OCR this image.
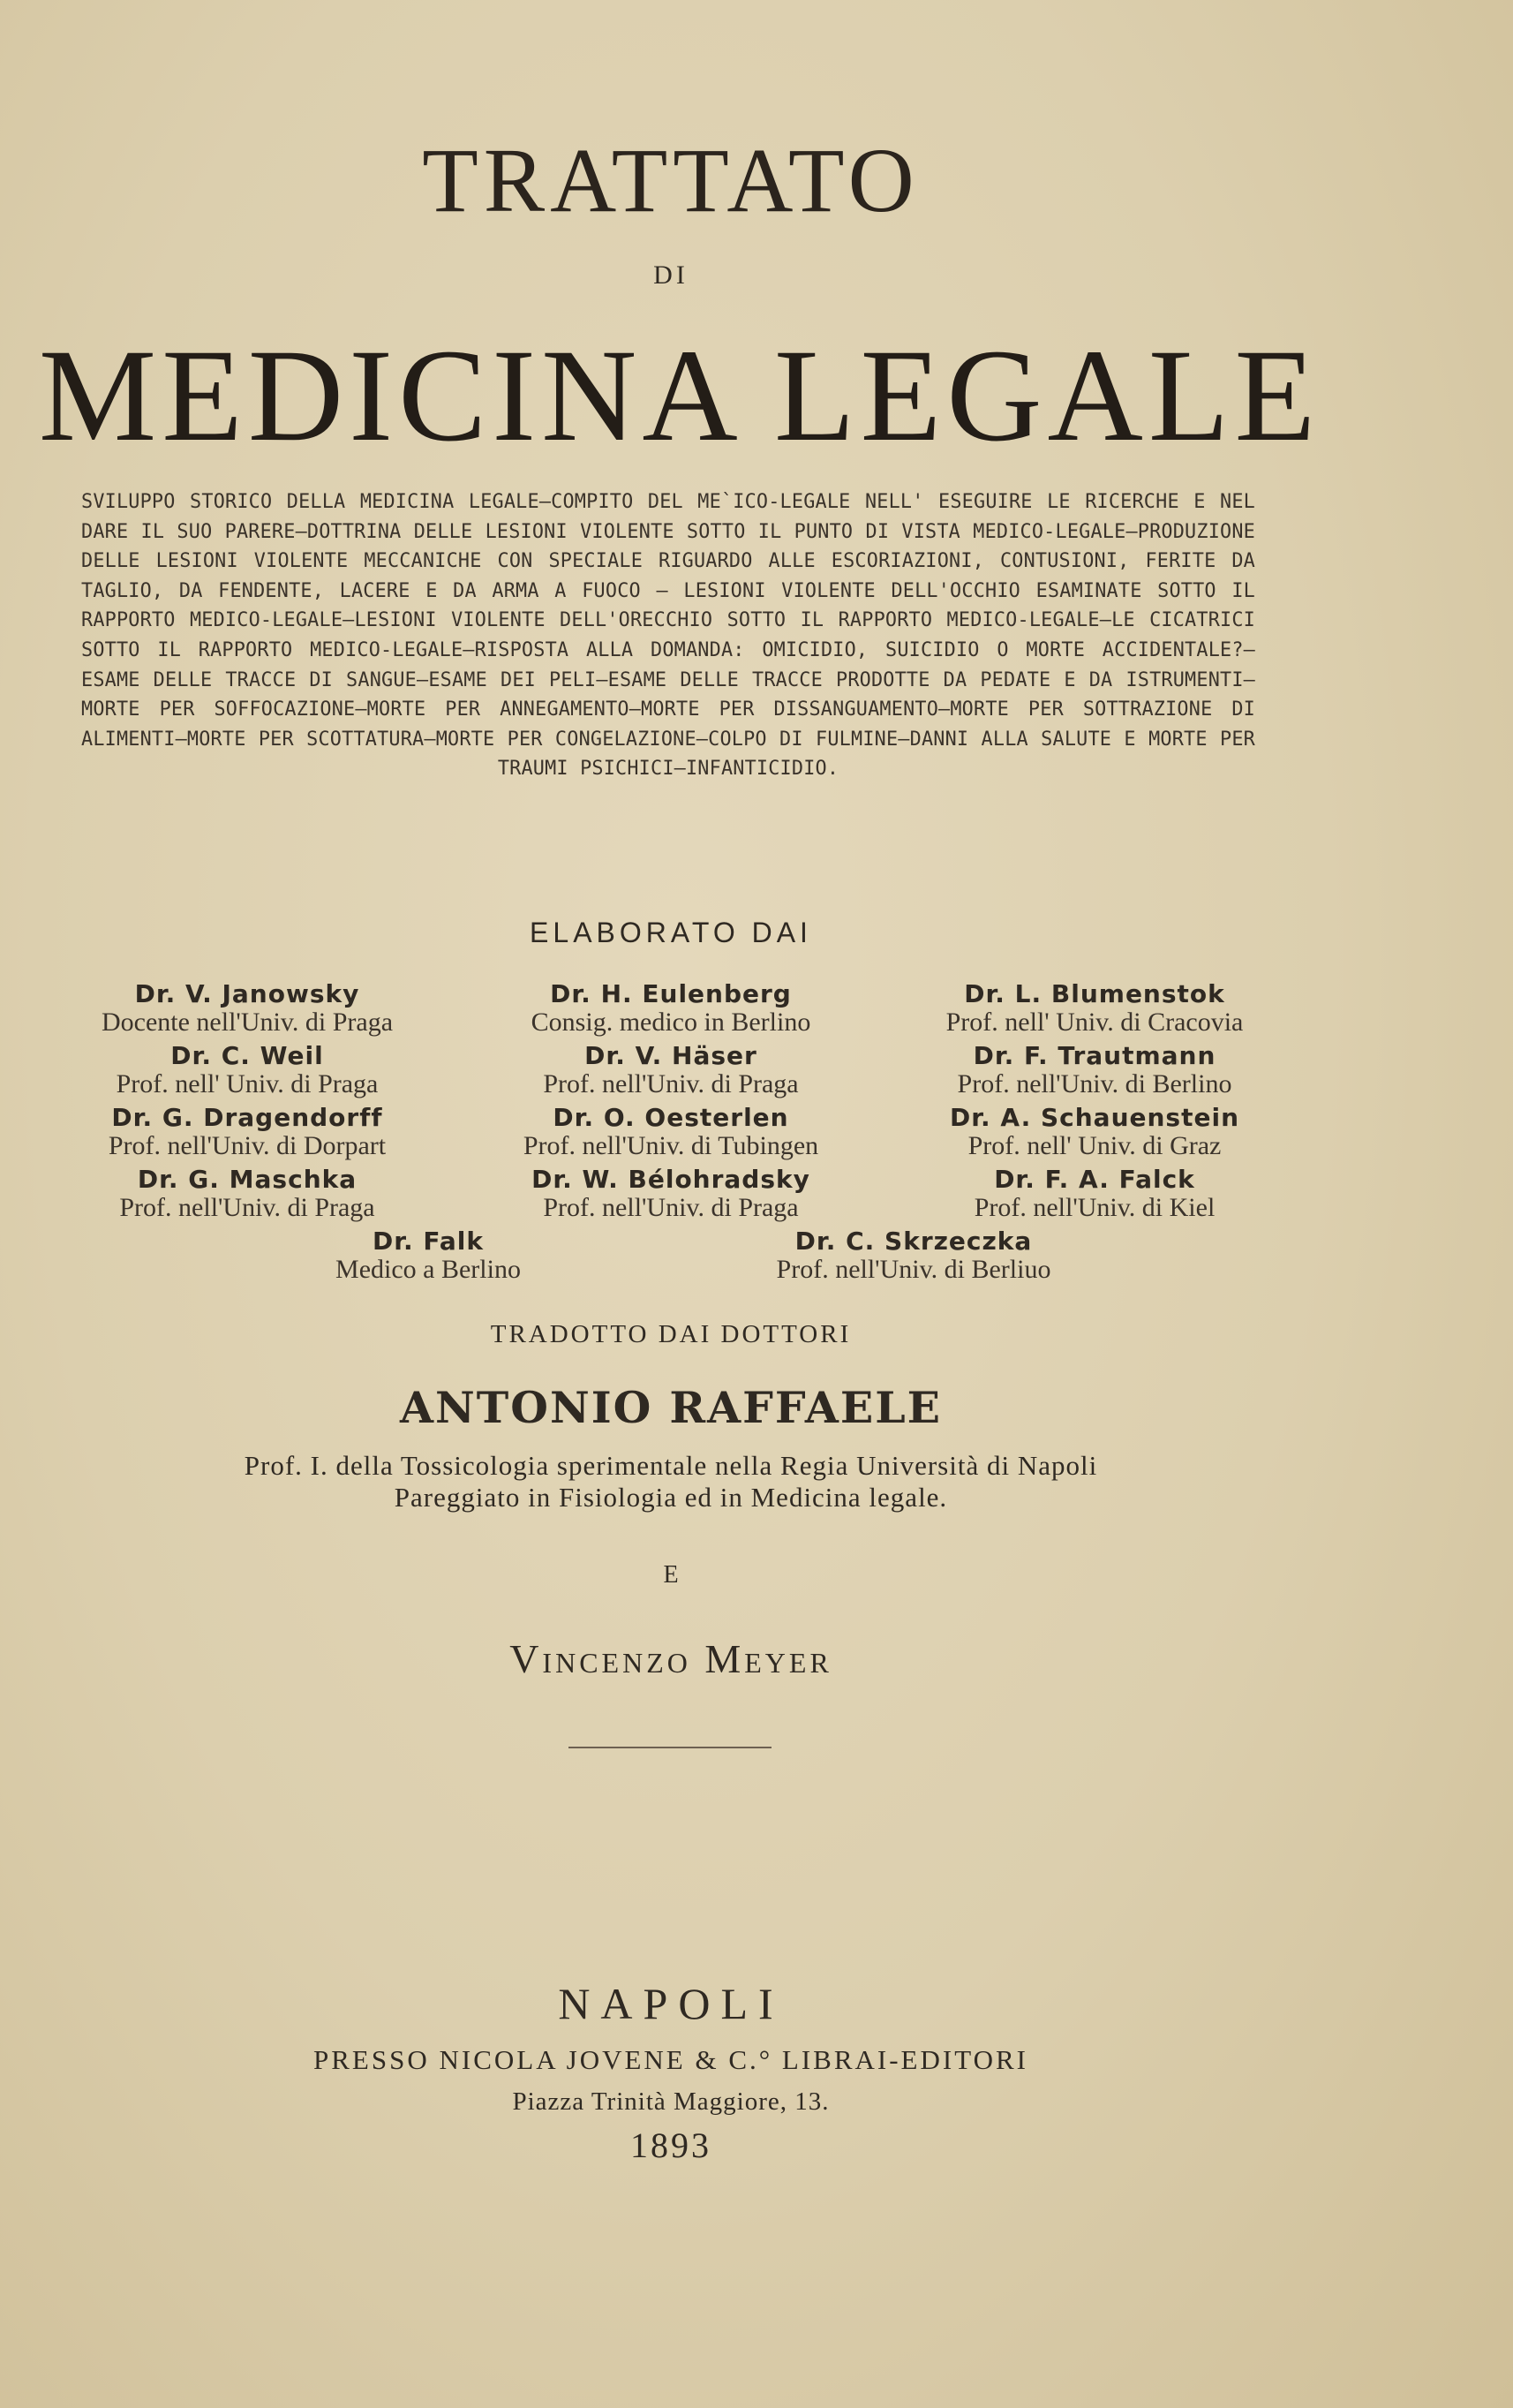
TRATTATO
DI
MEDICINA LEGALE
SVILUPPO STORICO DELLA MEDICINA LEGALE—COMPITO DEL ME`ICO-LEGALE NELL' ESEGUIRE LE RICERCHE E NEL DARE IL SUO PARERE—DOTTRINA DELLE LESIONI VIOLENTE SOTTO IL PUNTO DI VISTA MEDICO-LEGALE—PRODUZIONE DELLE LESIONI VIOLENTE MECCANICHE CON SPECIALE RIGUARDO ALLE ESCORIAZIONI, CONTUSIONI, FERITE DA TAGLIO, DA FENDENTE, LACERE E DA ARMA A FUOCO — LESIONI VIOLENTE DELL'OCCHIO ESAMINATE SOTTO IL RAPPORTO MEDICO-LEGALE—LESIONI VIOLENTE DELL'ORECCHIO SOTTO IL RAPPORTO MEDICO-LEGALE—LE CICATRICI SOTTO IL RAPPORTO MEDICO-LEGALE—RISPOSTA ALLA DOMANDA: OMICIDIO, SUICIDIO O MORTE ACCIDENTALE?—ESAME DELLE TRACCE DI SANGUE—ESAME DEI PELI—ESAME DELLE TRACCE PRODOTTE DA PEDATE E DA ISTRUMENTI—MORTE PER SOFFOCAZIONE—MORTE PER ANNEGAMENTO—MORTE PER DISSANGUAMENTO—MORTE PER SOTTRAZIONE DI ALIMENTI—MORTE PER SCOTTATURA—MORTE PER CONGELAZIONE—COLPO DI FULMINE—DANNI ALLA SALUTE E MORTE PER TRAUMI PSICHICI—INFANTICIDIO.
ELABORATO DAI
Dr. V. Janowsky
Docente nell'Univ. di Praga
Dr. H. Eulenberg
Consig. medico in Berlino
Dr. L. Blumenstok
Prof. nell' Univ. di Cracovia
Dr. C. Weil
Prof. nell' Univ. di Praga
Dr. V. Häser
Prof. nell'Univ. di Praga
Dr. F. Trautmann
Prof. nell'Univ. di Berlino
Dr. G. Dragendorff
Prof. nell'Univ. di Dorpart
Dr. O. Oesterlen
Prof. nell'Univ. di Tubingen
Dr. A. Schauenstein
Prof. nell' Univ. di Graz
Dr. G. Maschka
Prof. nell'Univ. di Praga
Dr. W. Bélohradsky
Prof. nell'Univ. di Praga
Dr. F. A. Falck
Prof. nell'Univ. di Kiel
Dr. Falk
Medico a Berlino
Dr. C. Skrzeczka
Prof. nell'Univ. di Berliuo
TRADOTTO DAI DOTTORI
ANTONIO RAFFAELE
Prof. I. della Tossicologia sperimentale nella Regia Università di Napoli
Pareggiato in Fisiologia ed in Medicina legale.
E
Vincenzo Meyer
NAPOLI
PRESSO NICOLA JOVENE & C.° LIBRAI-EDITORI
Piazza Trinità Maggiore, 13.
1893
